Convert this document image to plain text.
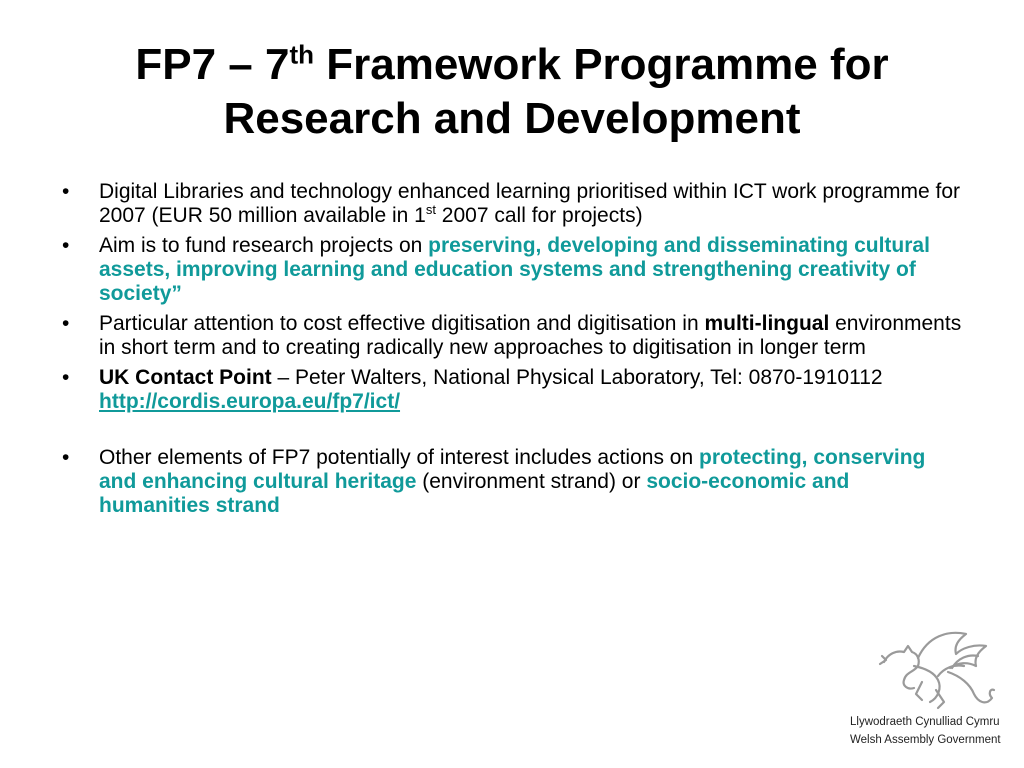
FP7 – 7th Framework Programme for
Research and Development
• Digital Libraries and technology enhanced learning prioritised within ICT work programme for 2007 (EUR 50 million available in 1st 2007 call for projects)
• Aim is to fund research projects on preserving, developing and disseminating cultural assets, improving learning and education systems and strengthening creativity of society”
• Particular attention to cost effective digitisation and digitisation in multi-lingual environments in short term and to creating radically new approaches to digitisation in longer term
• UK Contact Point – Peter Walters, National Physical Laboratory, Tel: 0870-1910112 http://cordis.europa.eu/fp7/ict/
• Other elements of FP7 potentially of interest includes actions on protecting, conserving and enhancing cultural heritage (environment strand) or socio-economic and humanities strand
Llywodraeth Cynulliad Cymru
Welsh Assembly Government
